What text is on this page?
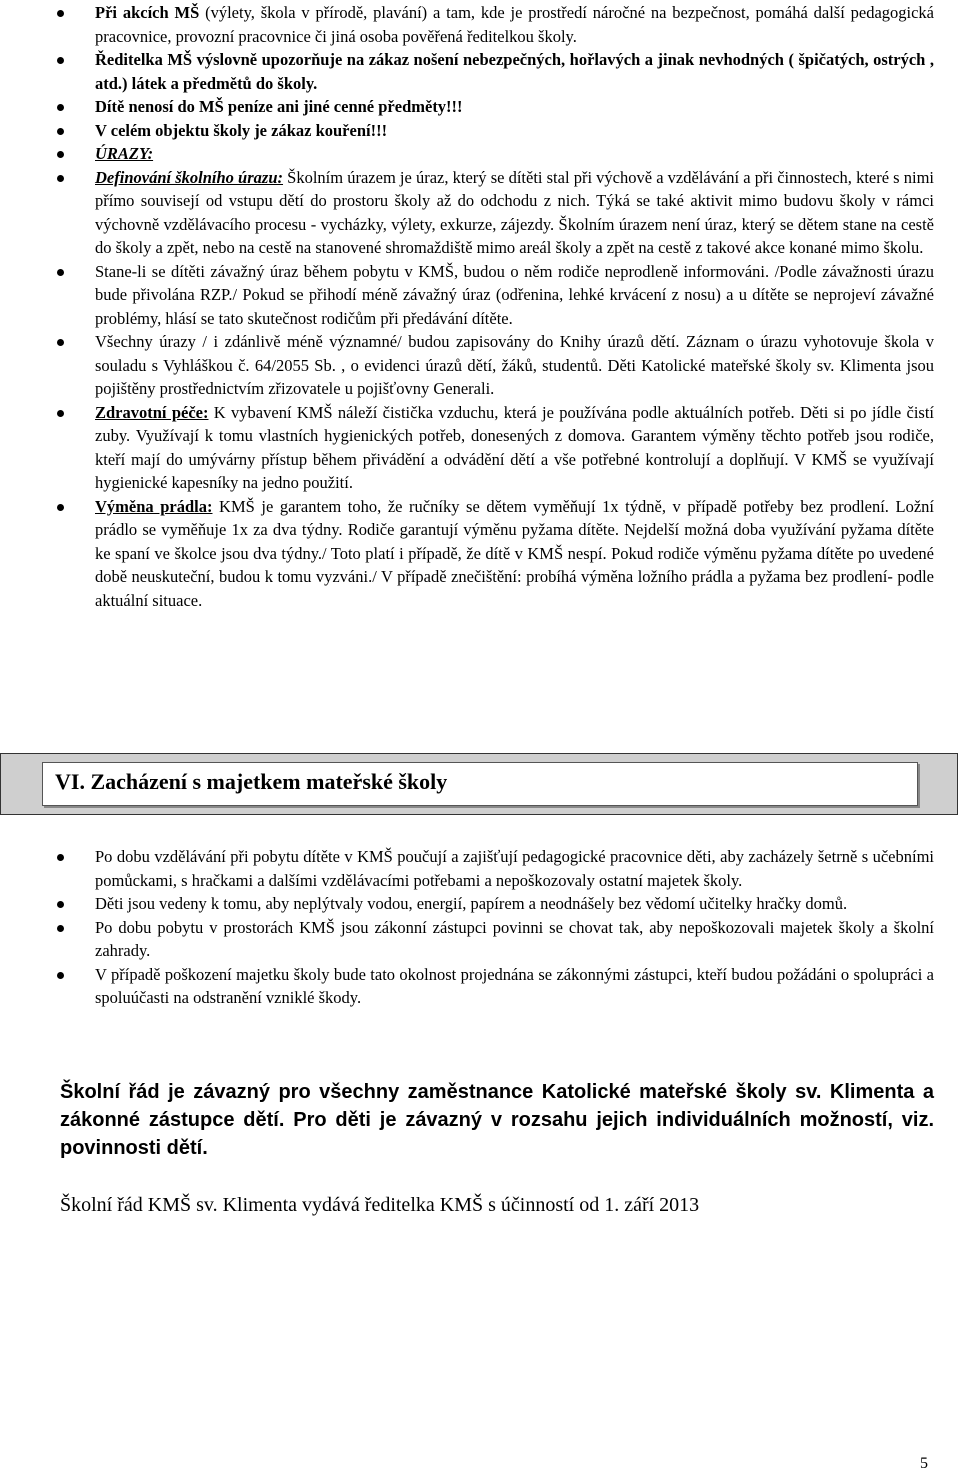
Při akcích MŠ (výlety, škola v přírodě, plavání) a tam, kde je prostředí náročné na bezpečnost, pomáhá další pedagogická pracovnice, provozní pracovnice či jiná osoba pověřená ředitelkou školy.
Ředitelka MŠ výslovně upozorňuje na zákaz nošení nebezpečných, hořlavých a jinak nevhodných ( špičatých, ostrých , atd.) látek a předmětů do školy.
Dítě nenosí do MŠ peníze ani jiné cenné předměty!!!
V celém objektu školy je zákaz kouření!!!
ÚRAZY:
Definování školního úrazu: Školním úrazem je úraz, který se dítěti stal při výchově a vzdělávání a při činnostech, které s nimi přímo souvisejí od vstupu dětí do prostoru školy až do odchodu z nich. Týká se také aktivit mimo budovu školy v rámci výchovně vzdělávacího procesu - vycházky, výlety, exkurze, zájezdy. Školním úrazem není úraz, který se dětem stane na cestě do školy a zpět, nebo na cestě na stanovené shromaždiště mimo areál školy a zpět na cestě z takové akce konané mimo školu.
Stane-li se dítěti závažný úraz během pobytu v KMŠ, budou o něm rodiče neprodleně informováni. /Podle závažnosti úrazu bude přivolána RZP./ Pokud se přihodí méně závažný úraz (odřenina, lehké krvácení z nosu) a u dítěte se neprojeví závažné problémy, hlásí se tato skutečnost rodičům při předávání dítěte.
Všechny úrazy / i zdánlivě méně významné/ budou zapisovány do Knihy úrazů dětí. Záznam o úrazu vyhotovuje škola v souladu s Vyhláškou č. 64/2055 Sb. , o evidenci úrazů dětí, žáků, studentů. Děti Katolické mateřské školy sv. Klimenta jsou pojištěny prostřednictvím zřizovatele u pojišťovny Generali.
Zdravotní péče: K vybavení KMŠ náleží čistička vzduchu, která je používána podle aktuálních potřeb. Děti si po jídle čistí zuby. Využívají k tomu vlastních hygienických potřeb, donesených z domova. Garantem výměny těchto potřeb jsou rodiče, kteří mají do umývárny přístup během přivádění a odvádění dětí a vše potřebné kontrolují a doplňují. V KMŠ se využívají hygienické kapesníky na jedno použití.
Výměna prádla: KMŠ je garantem toho, že ručníky se dětem vyměňují 1x týdně, v případě potřeby bez prodlení. Ložní prádlo se vyměňuje 1x za dva týdny. Rodiče garantují výměnu pyžama dítěte. Nejdelší možná doba využívání pyžama dítěte ke spaní ve školce jsou dva týdny./ Toto platí i případě, že dítě v KMŠ nespí. Pokud rodiče výměnu pyžama dítěte po uvedené době neuskuteční, budou k tomu vyzváni./ V případě znečištění: probíhá výměna ložního prádla a pyžama bez prodlení- podle aktuální situace.
VI. Zacházení s majetkem mateřské školy
Po dobu vzdělávání při pobytu dítěte v KMŠ poučují a zajišťují pedagogické pracovnice děti, aby zacházely šetrně s učebními pomůckami, s hračkami a dalšími vzdělávacími potřebami a nepoškozovaly ostatní majetek školy.
Děti jsou vedeny k tomu, aby neplýtvaly vodou, energií, papírem a neodnášely bez vědomí učitelky hračky domů.
Po dobu pobytu v prostorách KMŠ jsou zákonní zástupci povinni se chovat tak, aby nepoškozovali majetek školy a školní zahrady.
V případě poškození majetku školy bude tato okolnost projednána se zákonnými zástupci, kteří budou požádáni o spolupráci a spoluúčasti na odstranění vzniklé škody.
Školní řád je závazný pro všechny zaměstnance Katolické mateřské školy sv. Klimenta a zákonné zástupce dětí. Pro děti je závazný v rozsahu jejich individuálních možností, viz. povinnosti dětí.
Školní řád KMŠ sv. Klimenta vydává ředitelka KMŠ s účinností od 1. září 2013
5
